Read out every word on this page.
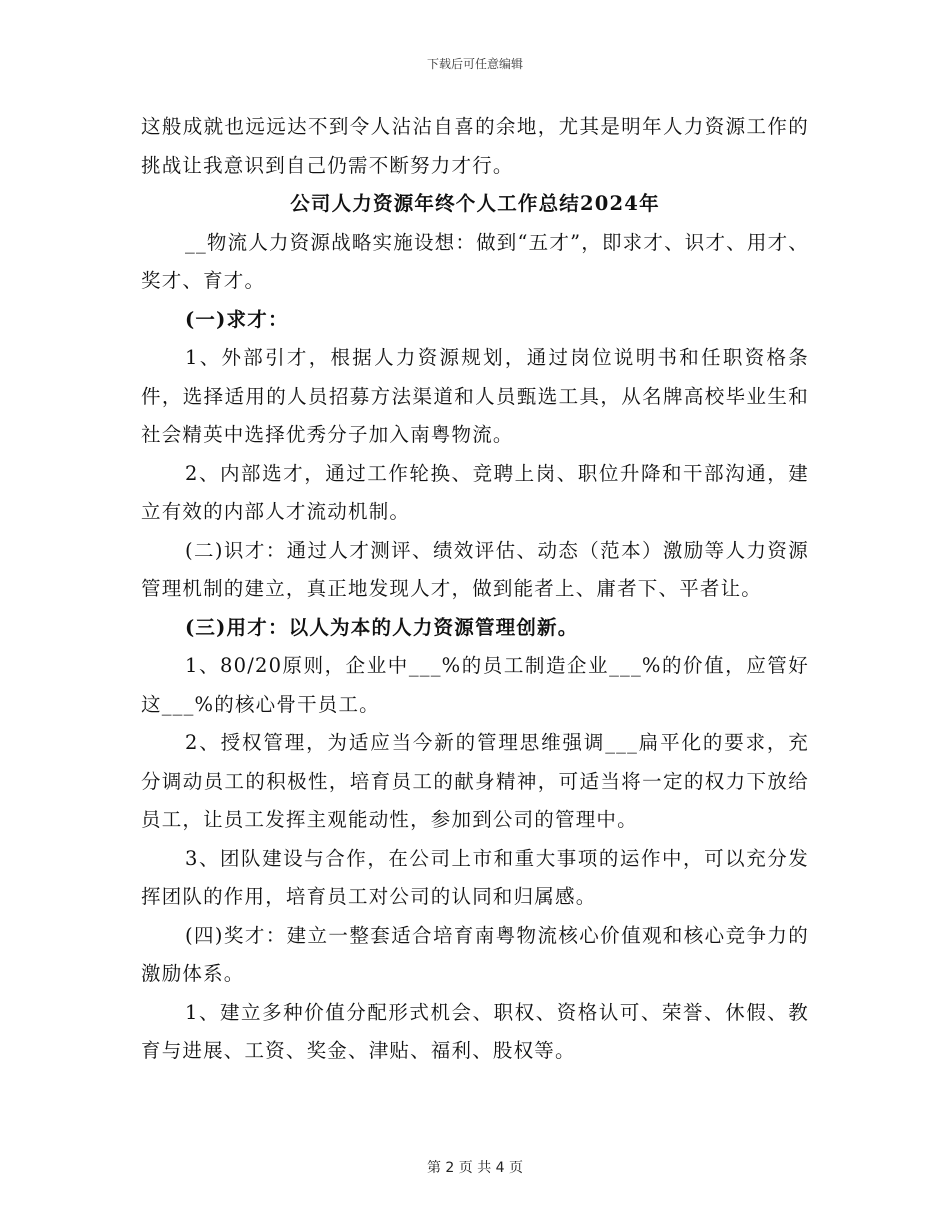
下载后可任意编辑

这般成就也远远达不到令人沾沾自喜的余地，尤其是明年人力资源工作的挑战让我意识到自己仍需不断努力才行。

公司人力资源年终个人工作总结2024年

__物流人力资源战略实施设想：做到“五才”，即求才、识才、用才、奖才、育才。

(一)求才：

1、外部引才，根据人力资源规划，通过岗位说明书和任职资格条件，选择适用的人员招募方法渠道和人员甄选工具，从名牌高校毕业生和社会精英中选择优秀分子加入南粤物流。

2、内部选才，通过工作轮换、竞聘上岗、职位升降和干部沟通，建立有效的内部人才流动机制。

(二)识才：通过人才测评、绩效评估、动态（范本）激励等人力资源管理机制的建立，真正地发现人才，做到能者上、庸者下、平者让。

(三)用才：以人为本的人力资源管理创新。

1、80/20原则，企业中___%的员工制造企业___%的价值，应管好这___%的核心骨干员工。

2、授权管理，为适应当今新的管理思维强调___扁平化的要求，充分调动员工的积极性，培育员工的献身精神，可适当将一定的权力下放给员工，让员工发挥主观能动性，参加到公司的管理中。

3、团队建设与合作，在公司上市和重大事项的运作中，可以充分发挥团队的作用，培育员工对公司的认同和归属感。

(四)奖才：建立一整套适合培育南粤物流核心价值观和核心竞争力的激励体系。

1、建立多种价值分配形式机会、职权、资格认可、荣誉、休假、教育与进展、工资、奖金、津贴、福利、股权等。

第 2 页 共 4 页
